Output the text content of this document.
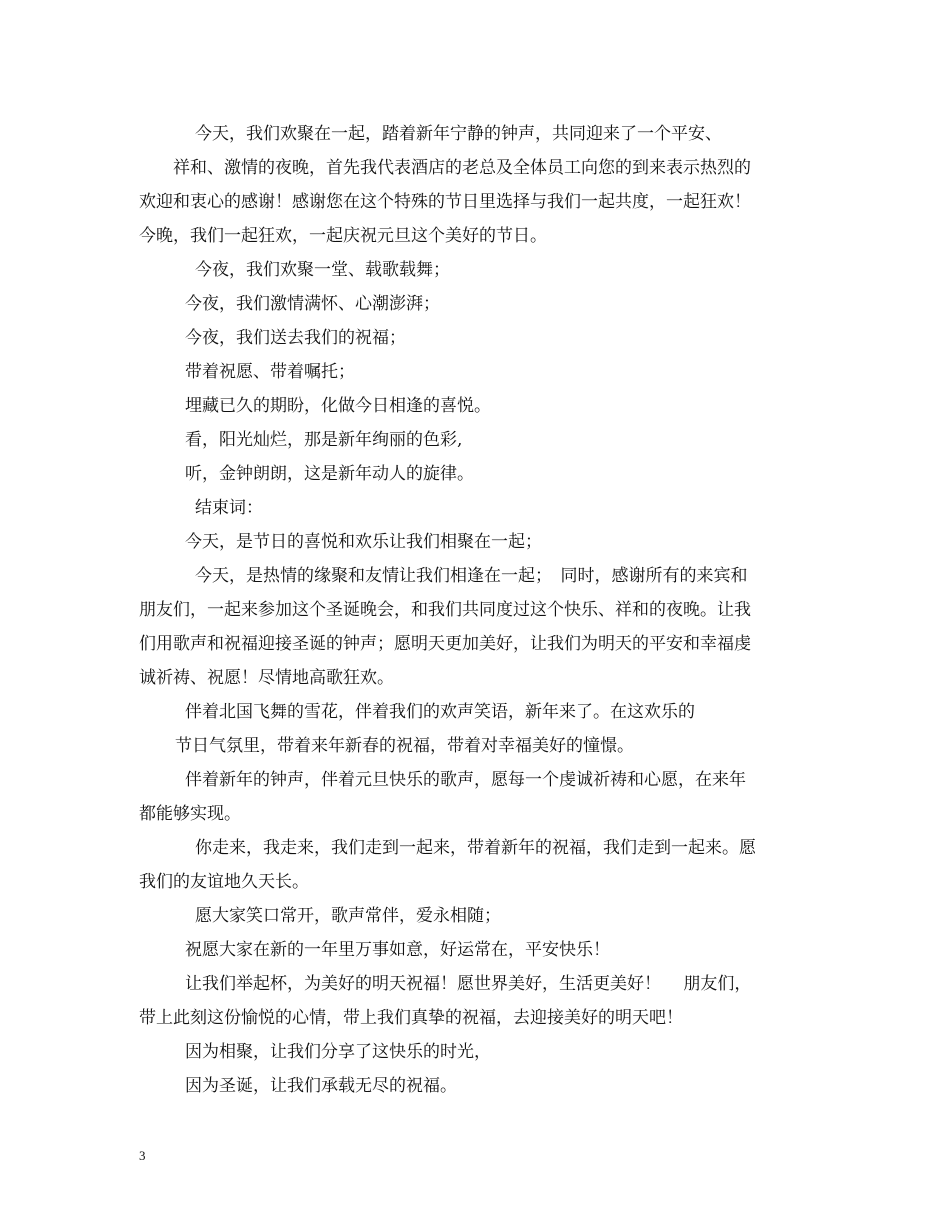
今天，我们欢聚在一起，踏着新年宁静的钟声，共同迎来了一个平安、
祥和、激情的夜晚，首先我代表酒店的老总及全体员工向您的到来表示热烈的
欢迎和衷心的感谢！感谢您在这个特殊的节日里选择与我们一起共度，一起狂欢！
今晚，我们一起狂欢，一起庆祝元旦这个美好的节日。
今夜，我们欢聚一堂、载歌载舞；
今夜，我们激情满怀、心潮澎湃；
今夜，我们送去我们的祝福；
带着祝愿、带着嘱托；
埋藏已久的期盼，化做今日相逢的喜悦。
看，阳光灿烂，那是新年绚丽的色彩,
听，金钟朗朗，这是新年动人的旋律。
结束词：
今天，是节日的喜悦和欢乐让我们相聚在一起；
今天，是热情的缘聚和友情让我们相逢在一起；　同时，感谢所有的来宾和
朋友们，一起来参加这个圣诞晚会，和我们共同度过这个快乐、祥和的夜晚。让我
们用歌声和祝福迎接圣诞的钟声；愿明天更加美好，让我们为明天的平安和幸福虔
诚祈祷、祝愿！尽情地高歌狂欢。
伴着北国飞舞的雪花，伴着我们的欢声笑语，新年来了。在这欢乐的
节日气氛里，带着来年新春的祝福，带着对幸福美好的憧憬。
伴着新年的钟声，伴着元旦快乐的歌声，愿每一个虔诚祈祷和心愿，在来年
都能够实现。
你走来，我走来，我们走到一起来，带着新年的祝福，我们走到一起来。愿
我们的友谊地久天长。
愿大家笑口常开，歌声常伴，爱永相随；
祝愿大家在新的一年里万事如意，好运常在，平安快乐！
让我们举起杯，为美好的明天祝福！愿世界美好，生活更美好！　 朋友们，
带上此刻这份愉悦的心情，带上我们真挚的祝福，去迎接美好的明天吧！
因为相聚，让我们分享了这快乐的时光，
因为圣诞，让我们承载无尽的祝福。
3
